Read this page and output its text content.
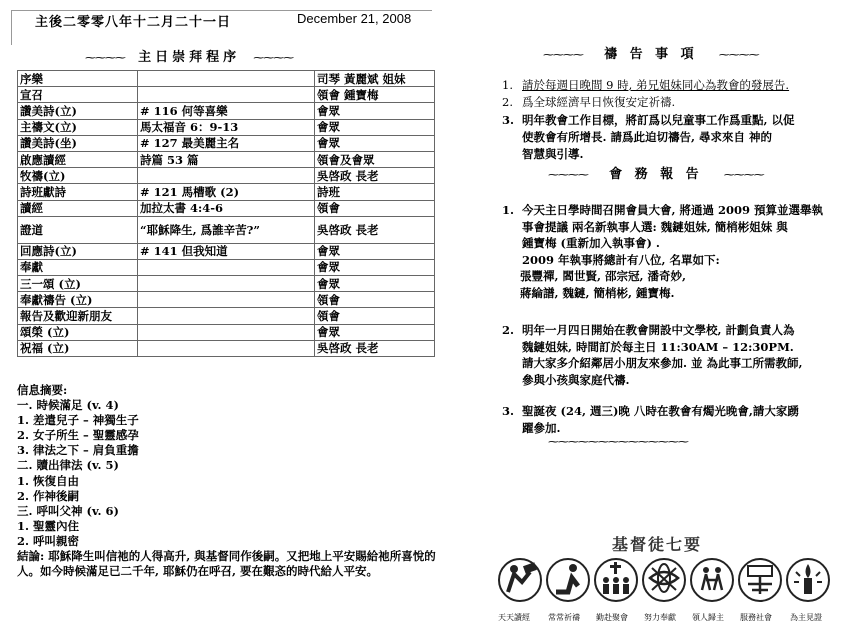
主後二零零八年十二月二十一日	December 21, 2008
⁓⁓⁓⁓ 主日崇拜程序 ⁓⁓⁓⁓
序樂		司琴 黃麗斌 姐妹
宣召		領會 鍾寶梅
讚美詩(立)	# 116 何等喜樂	會眾
主禱文(立)	馬太福音 6：9-13	會眾
讚美詩(坐)	# 127 最美麗主名	會眾
啟應讀經	詩篇 53 篇	領會及會眾
牧禱(立)		吳啓政 長老
詩班獻詩	# 121 馬槽歌 (2)	詩班
讀經	加拉太書 4:4-6	領會
證道	“耶穌降生, 爲誰辛苦?”	吳啓政 長老
回應詩(立)	# 141 但我知道	會眾
奉獻		會眾
三一頌 (立)		會眾
奉獻禱告 (立)		領會
報告及歡迎新朋友		領會
頌榮 (立)		會眾
祝福 (立)		吳啓政 長老
信息摘要:
一. 時候滿足 (v. 4)
1. 差遣兒子 – 神獨生子
2. 女子所生 – 聖靈感孕
3. 律法之下 – 肩負重擔
二. 贖出律法 (v. 5)
1. 恢復自由
2. 作神後嗣
三. 呼叫父神 (v. 6)
1. 聖靈內住
2. 呼叫親密
結論: 耶穌降生叫信祂的人得高升, 與基督同作後嗣。又把地上平安賜給祂所喜悅的人。如今時候滿足已二千年, 耶穌仍在呼召, 要在艱忞的時代給人平安。
⁓⁓⁓⁓ 禱 告 事 項 ⁓⁓⁓⁓
1. 請於每週日晚間 9 時, 弟兄姐妹同心為教會的發展告.
2. 爲全球經濟早日恢復安定祈禱.
3. 明年教會工作目標，將訂爲以兒童事工作爲重點, 以促
使教會有所增長. 請爲此迫切禱告, 尋求來自 神的
智慧與引導.
⁓⁓⁓⁓ 會 務 報 告 ⁓⁓⁓⁓
1. 今天主日學時間召開會員大會, 將通過 2009 預算並選舉執
事會提議 兩名新執事人選: 魏鏈姐妹, 簡梢彬姐妹 與
鍾寶梅 (重新加入執事會) .
2009 年執事將總計有八位, 名單如下:
張豐禪, 閻世賢, 邵宗冠, 潘奇妙,
蔣綸譜, 魏鏈, 簡梢彬, 鍾寶梅.
2. 明年一月四日開始在教會開設中文學校, 計劃負責人為
魏鏈姐妹, 時間訂於每主日 11:30AM – 12:30PM.
請大家多介紹鄰居小朋友來參加. 並 為此事工所需教師,
參與小孩與家庭代禱.
3. 聖誕夜 (24, 週三)晚 八時在教會有燭光晚會,請大家踴
躍參加.
⁓⁓⁓⁓⁓⁓⁓⁓⁓⁓⁓⁓⁓⁓
基督徒七要
天天讀經 常常祈禱 勤赴聚會 努力奉獻 領人歸主 服務社會 為主見證
